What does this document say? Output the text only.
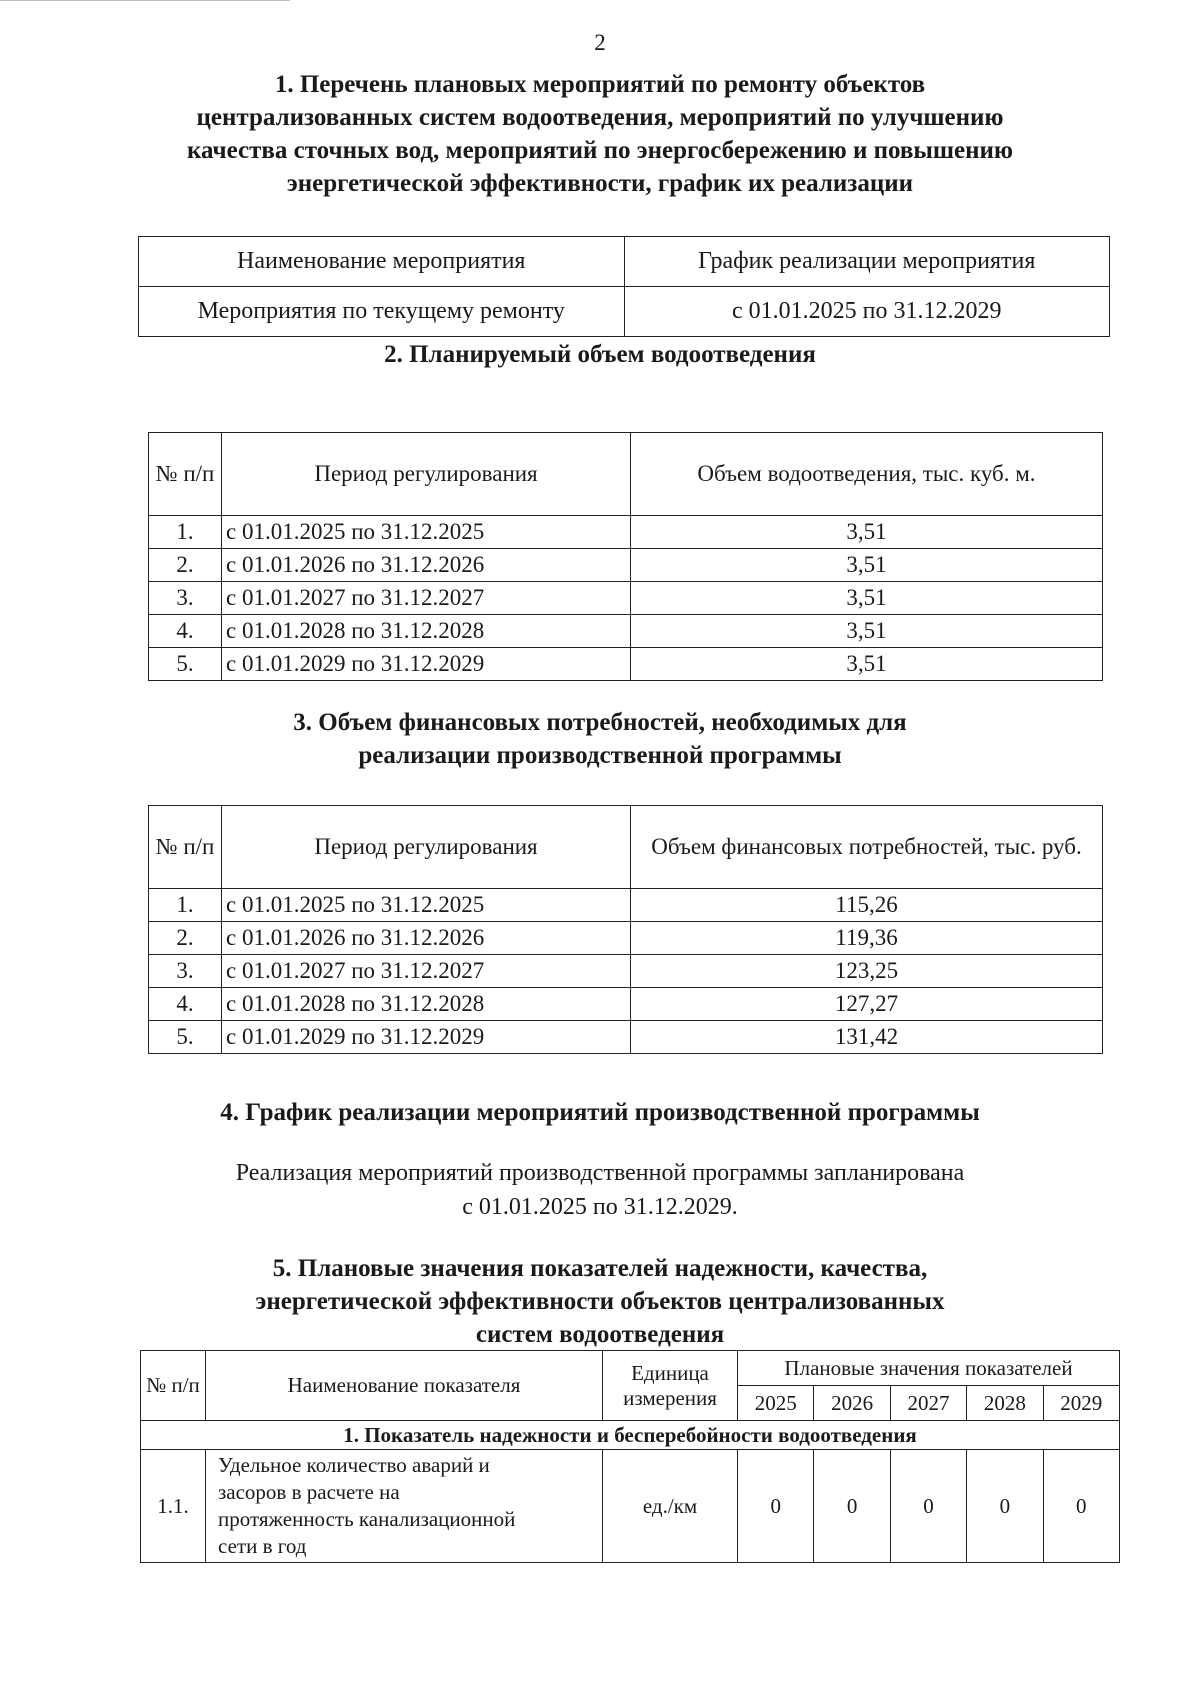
2
1. Перечень плановых мероприятий по ремонту объектов
централизованных систем водоотведения, мероприятий по улучшению
качества сточных вод, мероприятий по энергосбережению и повышению
энергетической эффективности, график их реализации
Наименование мероприятия	График реализации мероприятия
Мероприятия по текущему ремонту	с 01.01.2025 по 31.12.2029
2. Планируемый объем водоотведения
№ п/п	Период регулирования	Объем водоотведения, тыс. куб. м.
1.	с 01.01.2025 по 31.12.2025	3,51
2.	с 01.01.2026 по 31.12.2026	3,51
3.	с 01.01.2027 по 31.12.2027	3,51
4.	с 01.01.2028 по 31.12.2028	3,51
5.	с 01.01.2029 по 31.12.2029	3,51
3. Объем финансовых потребностей, необходимых для
реализации производственной программы
№ п/п	Период регулирования	Объем финансовых потребностей, тыс. руб.
1.	с 01.01.2025 по 31.12.2025	115,26
2.	с 01.01.2026 по 31.12.2026	119,36
3.	с 01.01.2027 по 31.12.2027	123,25
4.	с 01.01.2028 по 31.12.2028	127,27
5.	с 01.01.2029 по 31.12.2029	131,42
4. График реализации мероприятий производственной программы
Реализация мероприятий производственной программы запланирована
с 01.01.2025 по 31.12.2029.
5. Плановые значения показателей надежности, качества,
энергетической эффективности объектов централизованных
систем водоотведения
№ п/п	Наименование показателя	Единица измерения	Плановые значения показателей				
			2025	2026	2027	2028	2029
1. Показатель надежности и бесперебойности водоотведения							
1.1.	Удельное количество аварий и
засоров в расчете на
протяженность канализационной
сети в год	ед./км	0	0	0	0	0
